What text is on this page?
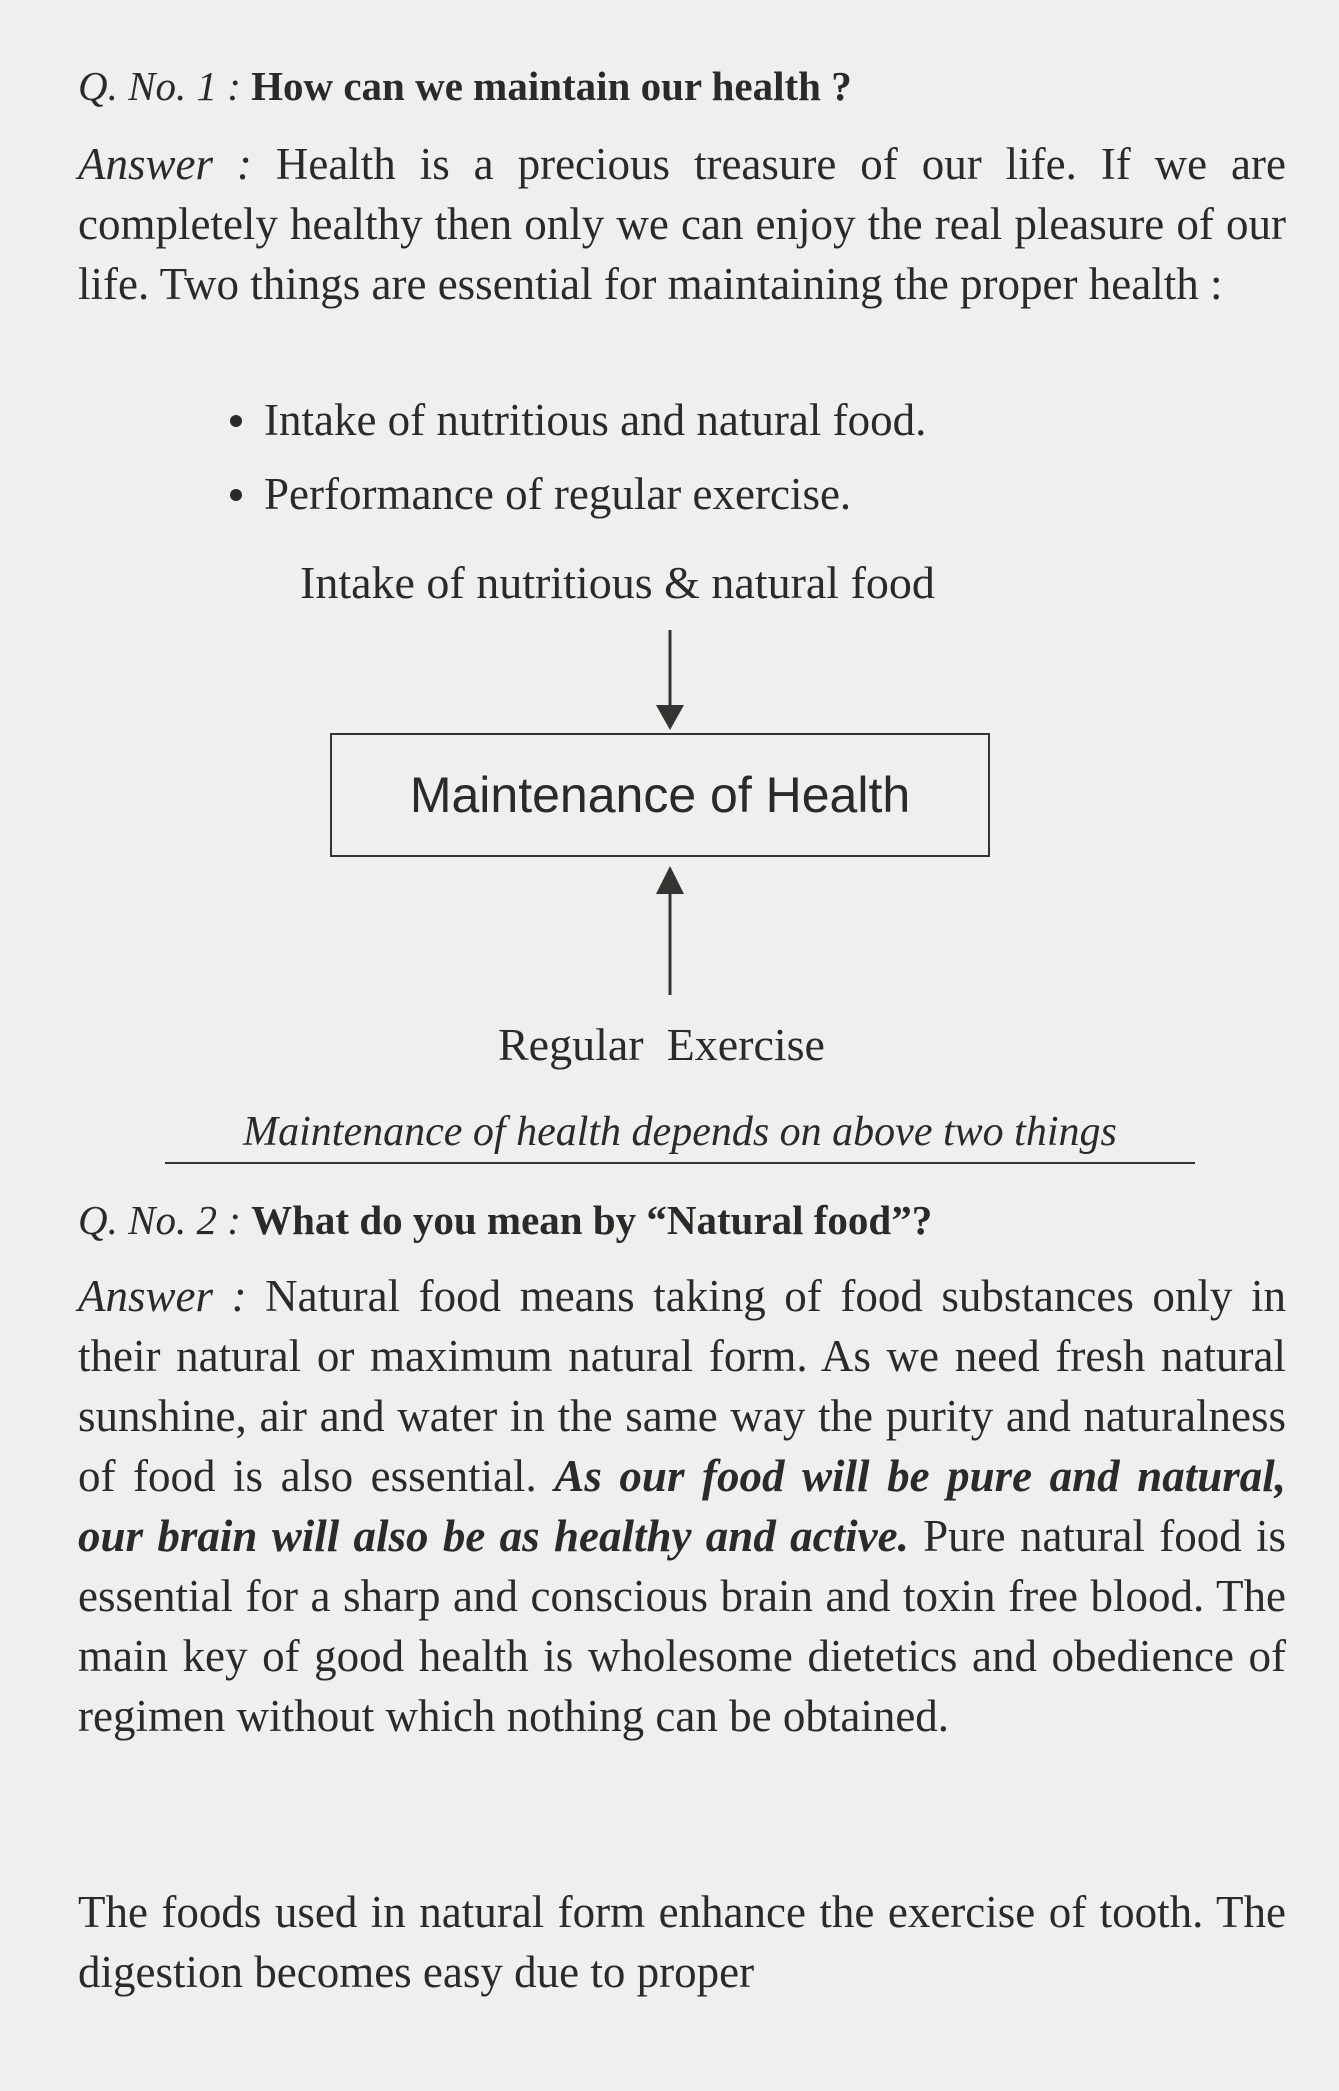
Q. No. 1 : How can we maintain our health ?

Answer : Health is a precious treasure of our life. If we are completely healthy then only we can enjoy the real pleasure of our life. Two things are essential for maintaining the proper health :

Intake of nutritious and natural food.
Performance of regular exercise.
Intake of nutritious & natural food
Maintenance of Health
Regular  Exercise
Maintenance of health depends on above two things
Q. No. 2 : What do you mean by “Natural food”?

Answer : Natural food means taking of food substances only in their natural or maximum natural form. As we need fresh natural sunshine, air and water in the same way the purity and naturalness of food is also essential. As our food will be pure and natural, our brain will also be as healthy and active. Pure natural food is essential for a sharp and conscious brain and toxin free blood. The main key of good health is wholesome dietetics and obedience of regimen without which nothing can be obtained.

The foods used in natural form enhance the exercise of tooth. The digestion becomes easy due to proper
